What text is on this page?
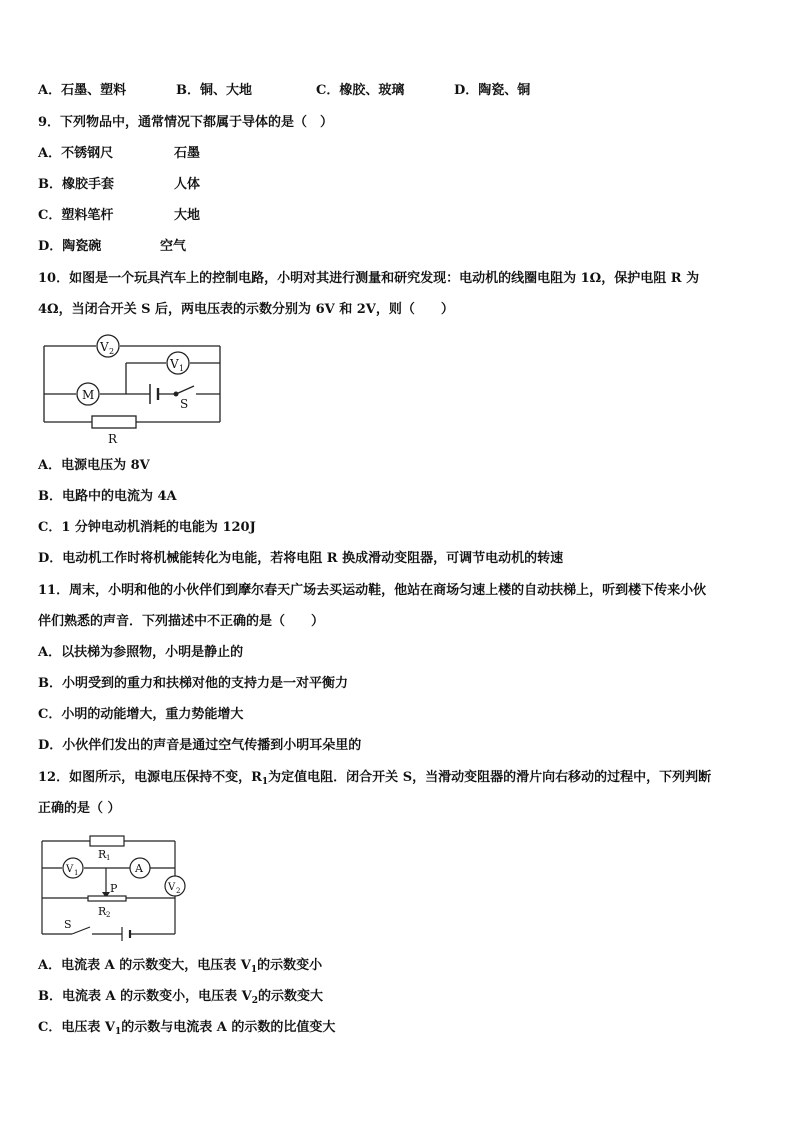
A．石墨、塑料	B．铜、大地	C．橡胶、玻璃	D．陶瓷、铜
9．下列物品中，通常情况下都属于导体的是（　）
A．不锈钢尺	石墨
B．橡胶手套	人体
C．塑料笔杆	大地
D．陶瓷碗	空气
10．如图是一个玩具汽车上的控制电路，小明对其进行测量和研究发现：电动机的线圈电阻为 1Ω，保护电阻 R 为
4Ω，当闭合开关 S 后，两电压表的示数分别为 6V 和 2V，则（　　）
V 2
V 1
M
S
R
A．电源电压为 8V
B．电路中的电流为 4A
C．1 分钟电动机消耗的电能为 120J
D．电动机工作时将机械能转化为电能，若将电阻 R 换成滑动变阻器，可调节电动机的转速
11．周末，小明和他的小伙伴们到摩尔春天广场去买运动鞋，他站在商场匀速上楼的自动扶梯上，听到楼下传来小伙
伴们熟悉的声音．下列描述中不正确的是（　　）
A．以扶梯为参照物，小明是静止的
B．小明受到的重力和扶梯对他的支持力是一对平衡力
C．小明的动能增大，重力势能增大
D．小伙伴们发出的声音是通过空气传播到小明耳朵里的
12．如图所示，电源电压保持不变，$R_1$为定值电阻．闭合开关 S，当滑动变阻器的滑片向右移动的过程中，下列判断
正确的是（ ）
R 1
V 1	A
V 2
P
R 2
S
A．电流表 A 的示数变大，电压表 $V_1$的示数变小
B．电流表 A 的示数变小，电压表 $V_2$的示数变大
C．电压表 $V_1$的示数与电流表 A 的示数的比值变大
